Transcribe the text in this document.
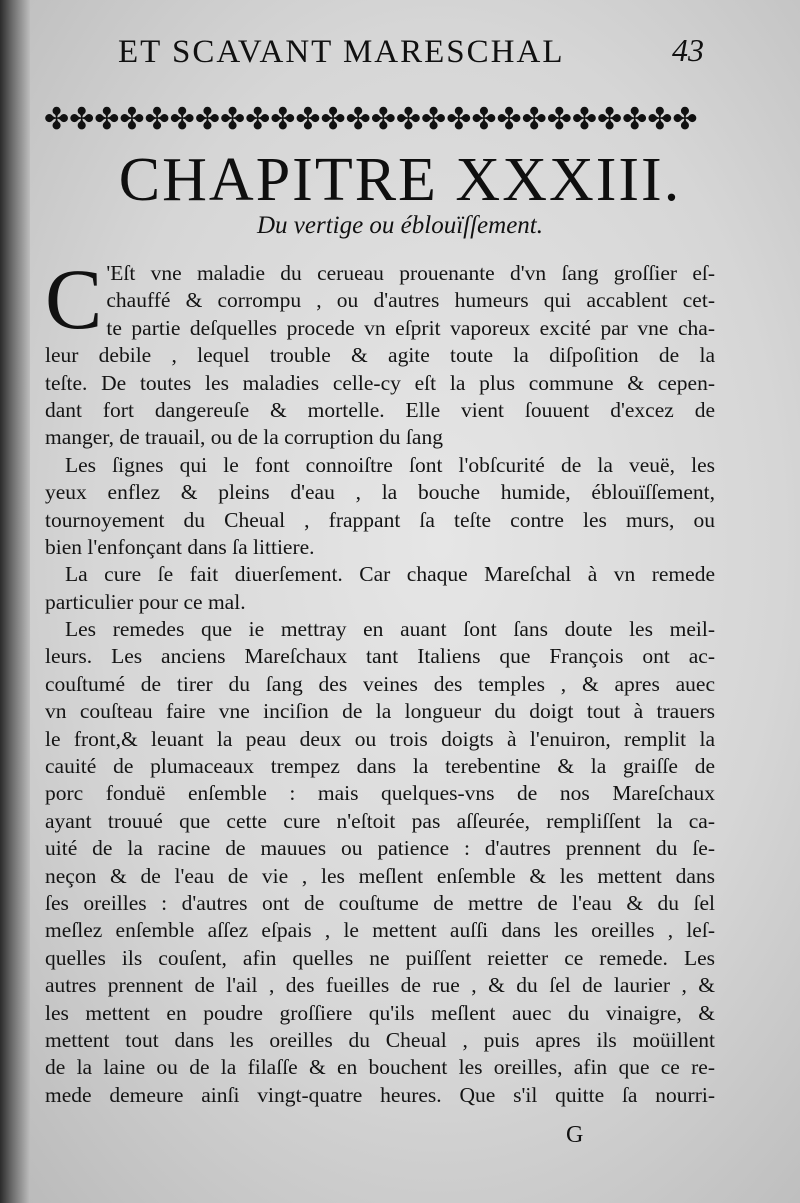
ET SCAVANT MARESCHAL	43
✤✤✤✤✤✤✤✤✤✤✤✤✤✤✤✤✤✤✤✤✤✤✤✤✤✤
CHAPITRE XXXIII.
Du vertige ou éblouïſſement.
C 'Eſt vne maladie du cerueau prouenante d'vn ſang groſſier eſ-
chauffé & corrompu , ou d'autres humeurs qui accablent cet-
te partie deſquelles procede vn eſprit vaporeux excité par vne cha-
leur debile , lequel trouble & agite toute la diſpoſition de la
teſte. De toutes les maladies celle-cy eſt la plus commune & cepen-
dant fort dangereuſe & mortelle. Elle vient ſouuent d'excez de
manger, de trauail, ou de la corruption du ſang
Les ſignes qui le font connoiſtre ſont l'obſcurité de la veuë, les
yeux enflez & pleins d'eau , la bouche humide, éblouïſſement,
tournoyement du Cheual , frappant ſa teſte contre les murs, ou
bien l'enfonçant dans ſa littiere.
La cure ſe fait diuerſement. Car chaque Mareſchal à vn remede
particulier pour ce mal.
Les remedes que ie mettray en auant ſont ſans doute les meil-
leurs. Les anciens Mareſchaux tant Italiens que François ont ac-
couſtumé de tirer du ſang des veines des temples , & apres auec
vn couſteau faire vne inciſion de la longueur du doigt tout à trauers
le front,& leuant la peau deux ou trois doigts à l'enuiron, remplit la
cauité de plumaceaux trempez dans la terebentine & la graiſſe de
porc fonduë enſemble : mais quelques-vns de nos Mareſchaux
ayant trouué que cette cure n'eſtoit pas aſſeurée, rempliſſent la ca-
uité de la racine de mauues ou patience : d'autres prennent du ſe-
neçon & de l'eau de vie , les meſlent enſemble & les mettent dans
ſes oreilles : d'autres ont de couſtume de mettre de l'eau & du ſel
meſlez enſemble aſſez eſpais , le mettent auſſi dans les oreilles , leſ-
quelles ils couſent, afin quelles ne puiſſent reietter ce remede. Les
autres prennent de l'ail , des fueilles de rue , & du ſel de laurier , &
les mettent en poudre groſſiere qu'ils meſlent auec du vinaigre, &
mettent tout dans les oreilles du Cheual , puis apres ils moüillent
de la laine ou de la filaſſe & en bouchent les oreilles, afin que ce re-
mede demeure ainſi vingt-quatre heures. Que s'il quitte ſa nourri-
G
